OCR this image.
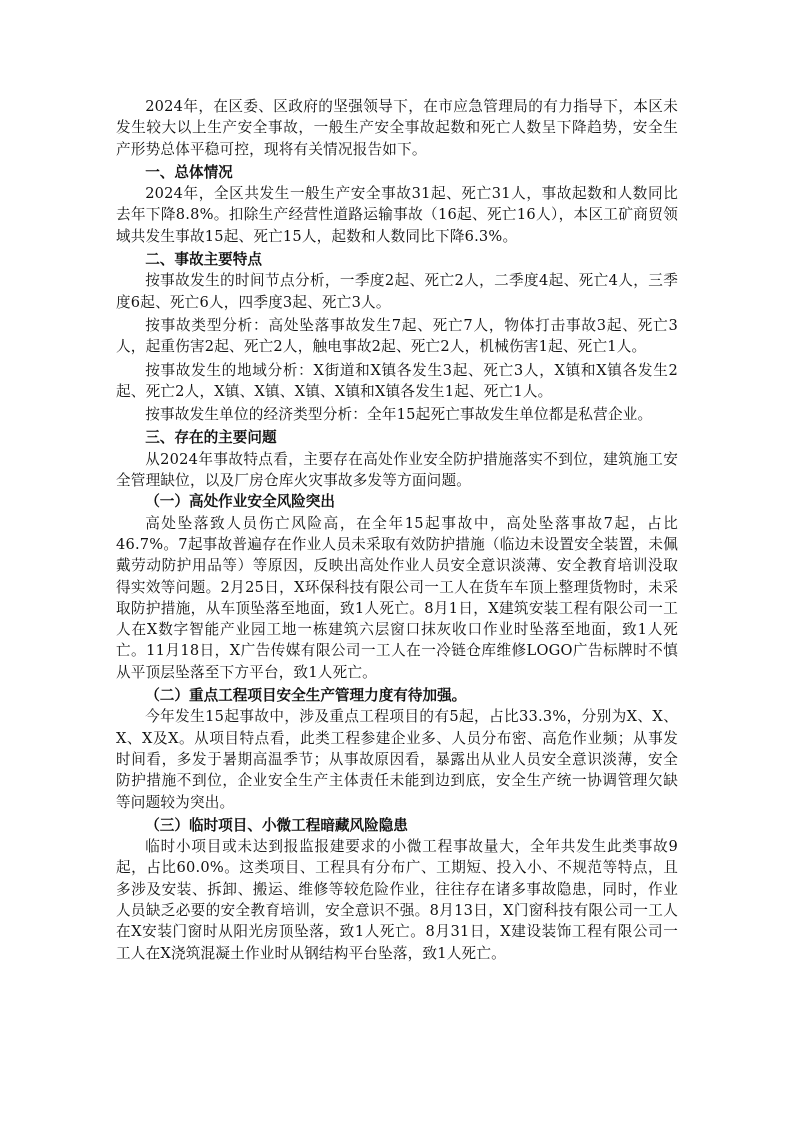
2024年，在区委、区政府的坚强领导下，在市应急管理局的有力指导下，本区未发生较大以上生产安全事故，一般生产安全事故起数和死亡人数呈下降趋势，安全生产形势总体平稳可控，现将有关情况报告如下。

一、总体情况

2024年，全区共发生一般生产安全事故31起、死亡31人，事故起数和人数同比去年下降8.8%。扣除生产经营性道路运输事故（16起、死亡16人），本区工矿商贸领域共发生事故15起、死亡15人，起数和人数同比下降6.3%。

二、事故主要特点

按事故发生的时间节点分析，一季度2起、死亡2人，二季度4起、死亡4人，三季度6起、死亡6人，四季度3起、死亡3人。

按事故类型分析：高处坠落事故发生7起、死亡7人，物体打击事故3起、死亡3人，起重伤害2起、死亡2人，触电事故2起、死亡2人，机械伤害1起、死亡1人。

按事故发生的地域分析：X街道和X镇各发生3起、死亡3人，X镇和X镇各发生2起、死亡2人，X镇、X镇、X镇、X镇和X镇各发生1起、死亡1人。

按事故发生单位的经济类型分析：全年15起死亡事故发生单位都是私营企业。

三、存在的主要问题

从2024年事故特点看，主要存在高处作业安全防护措施落实不到位，建筑施工安全管理缺位，以及厂房仓库火灾事故多发等方面问题。

（一）高处作业安全风险突出

高处坠落致人员伤亡风险高，在全年15起事故中，高处坠落事故7起，占比46.7%。7起事故普遍存在作业人员未采取有效防护措施（临边未设置安全装置，未佩戴劳动防护用品等）等原因，反映出高处作业人员安全意识淡薄、安全教育培训没取得实效等问题。2月25日，X环保科技有限公司一工人在货车车顶上整理货物时，未采取防护措施，从车顶坠落至地面，致1人死亡。8月1日，X建筑安装工程有限公司一工人在X数字智能产业园工地一栋建筑六层窗口抹灰收口作业时坠落至地面，致1人死亡。11月18日，X广告传媒有限公司一工人在一冷链仓库维修LOGO广告标牌时不慎从平顶层坠落至下方平台，致1人死亡。

（二）重点工程项目安全生产管理力度有待加强。

今年发生15起事故中，涉及重点工程项目的有5起，占比33.3%，分别为X、X、X、X及X。从项目特点看，此类工程参建企业多、人员分布密、高危作业频；从事发时间看，多发于暑期高温季节；从事故原因看，暴露出从业人员安全意识淡薄，安全防护措施不到位，企业安全生产主体责任未能到边到底，安全生产统一协调管理欠缺等问题较为突出。

（三）临时项目、小微工程暗藏风险隐患

临时小项目或未达到报监报建要求的小微工程事故量大，全年共发生此类事故9起，占比60.0%。这类项目、工程具有分布广、工期短、投入小、不规范等特点，且多涉及安装、拆卸、搬运、维修等较危险作业，往往存在诸多事故隐患，同时，作业人员缺乏必要的安全教育培训，安全意识不强。8月13日，X门窗科技有限公司一工人在X安装门窗时从阳光房顶坠落，致1人死亡。8月31日，X建设装饰工程有限公司一工人在X浇筑混凝土作业时从钢结构平台坠落，致1人死亡。
